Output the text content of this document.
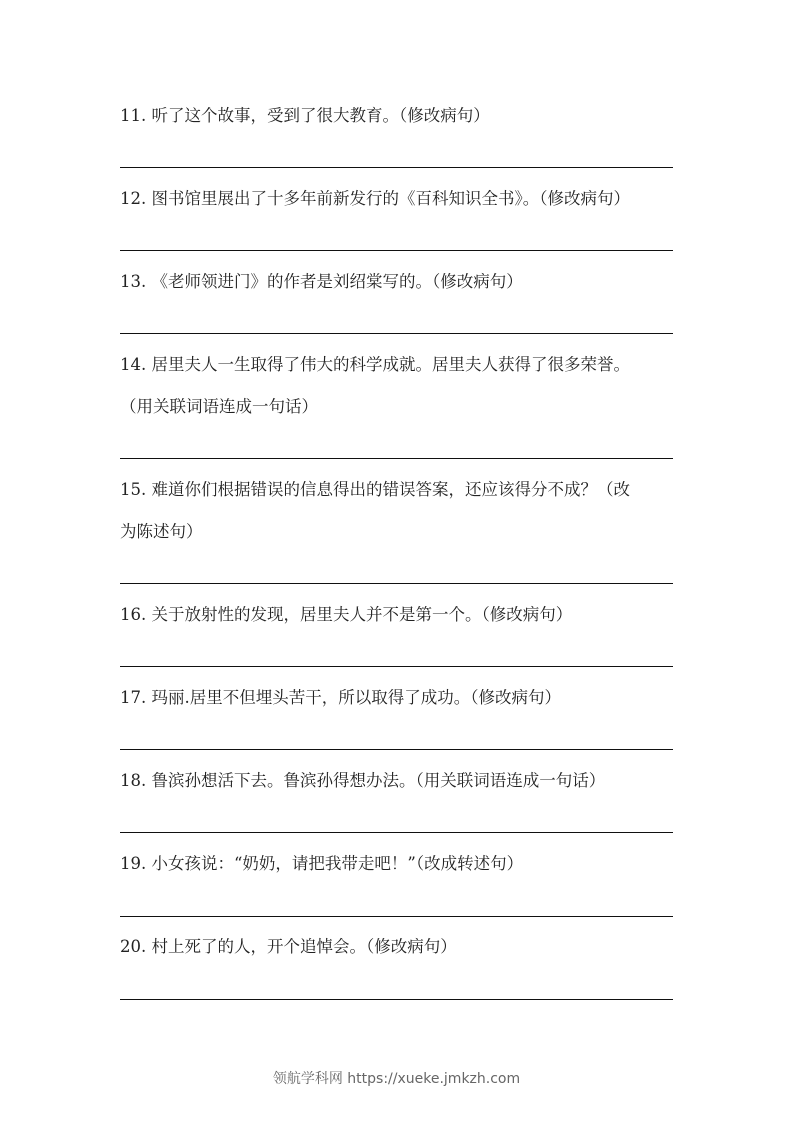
11. 听了这个故事，受到了很大教育。（修改病句）
12. 图书馆里展出了十多年前新发行的《百科知识全书》。（修改病句）
13. 《老师领进门》的作者是刘绍棠写的。（修改病句）
14. 居里夫人一生取得了伟大的科学成就。居里夫人获得了很多荣誉。
（用关联词语连成一句话）
15. 难道你们根据错误的信息得出的错误答案，还应该得分不成？（改
为陈述句）
16. 关于放射性的发现，居里夫人并不是第一个。（修改病句）
17. 玛丽.居里不但埋头苦干，所以取得了成功。（修改病句）
18. 鲁滨孙想活下去。鲁滨孙得想办法。（用关联词语连成一句话）
19. 小女孩说：“奶奶，请把我带走吧！”（改成转述句）
20. 村上死了的人，开个追悼会。（修改病句）
领航学科网 https://xueke.jmkzh.com
